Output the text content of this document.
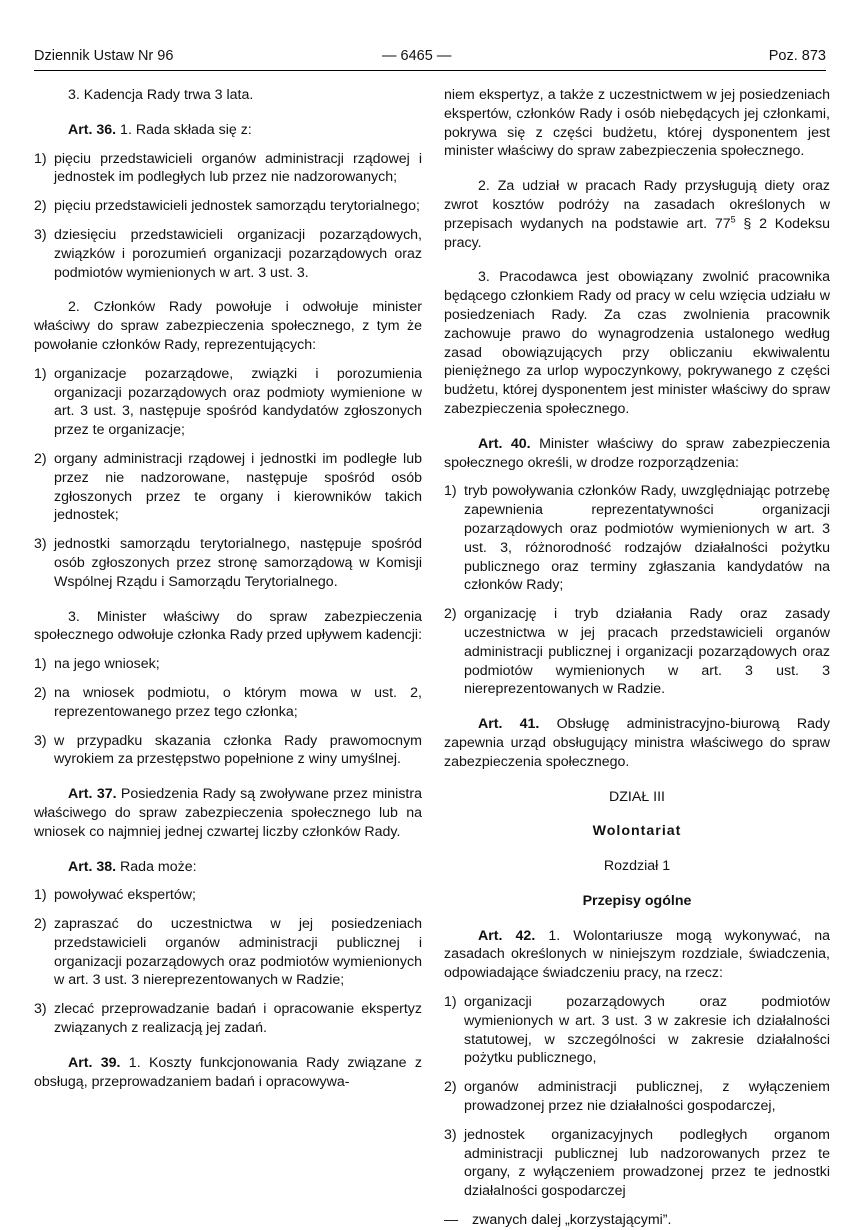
Dziennik Ustaw Nr 96	— 6465 —	Poz. 873

3. Kadencja Rady trwa 3 lata.

Art. 36. 1. Rada składa się z:

1) pięciu przedstawicieli organów administracji rządowej i jednostek im podległych lub przez nie nadzorowanych;
2) pięciu przedstawicieli jednostek samorządu terytorialnego;
3) dziesięciu przedstawicieli organizacji pozarządowych, związków i porozumień organizacji pozarządowych oraz podmiotów wymienionych w art. 3 ust. 3.

2. Członków Rady powołuje i odwołuje minister właściwy do spraw zabezpieczenia społecznego, z tym że powołanie członków Rady, reprezentujących:

1) organizacje pozarządowe, związki i porozumienia organizacji pozarządowych oraz podmioty wymienione w art. 3 ust. 3, następuje spośród kandydatów zgłoszonych przez te organizacje;
2) organy administracji rządowej i jednostki im podległe lub przez nie nadzorowane, następuje spośród osób zgłoszonych przez te organy i kierowników takich jednostek;
3) jednostki samorządu terytorialnego, następuje spośród osób zgłoszonych przez stronę samorządową w Komisji Wspólnej Rządu i Samorządu Terytorialnego.

3. Minister właściwy do spraw zabezpieczenia społecznego odwołuje członka Rady przed upływem kadencji:

1) na jego wniosek;
2) na wniosek podmiotu, o którym mowa w ust. 2, reprezentowanego przez tego członka;
3) w przypadku skazania członka Rady prawomocnym wyrokiem za przestępstwo popełnione z winy umyślnej.

Art. 37. Posiedzenia Rady są zwoływane przez ministra właściwego do spraw zabezpieczenia społecznego lub na wniosek co najmniej jednej czwartej liczby członków Rady.

Art. 38. Rada może:

1) powoływać ekspertów;
2) zapraszać do uczestnictwa w jej posiedzeniach przedstawicieli organów administracji publicznej i organizacji pozarządowych oraz podmiotów wymienionych w art. 3 ust. 3 niereprezentowanych w Radzie;
3) zlecać przeprowadzanie badań i opracowanie ekspertyz związanych z realizacją jej zadań.

Art. 39. 1. Koszty funkcjonowania Rady związane z obsługą, przeprowadzaniem badań i opracowywa-

niem ekspertyz, a także z uczestnictwem w jej posiedzeniach ekspertów, członków Rady i osób niebędących jej członkami, pokrywa się z części budżetu, której dysponentem jest minister właściwy do spraw zabezpieczenia społecznego.

2. Za udział w pracach Rady przysługują diety oraz zwrot kosztów podróży na zasadach określonych w przepisach wydanych na podstawie art. $77^5$ § 2 Kodeksu pracy.

3. Pracodawca jest obowiązany zwolnić pracownika będącego członkiem Rady od pracy w celu wzięcia udziału w posiedzeniach Rady. Za czas zwolnienia pracownik zachowuje prawo do wynagrodzenia ustalonego według zasad obowiązujących przy obliczaniu ekwiwalentu pieniężnego za urlop wypoczynkowy, pokrywanego z części budżetu, której dysponentem jest minister właściwy do spraw zabezpieczenia społecznego.

Art. 40. Minister właściwy do spraw zabezpieczenia społecznego określi, w drodze rozporządzenia:

1) tryb powoływania członków Rady, uwzględniając potrzebę zapewnienia reprezentatywności organizacji pozarządowych oraz podmiotów wymienionych w art. 3 ust. 3, różnorodność rodzajów działalności pożytku publicznego oraz terminy zgłaszania kandydatów na członków Rady;
2) organizację i tryb działania Rady oraz zasady uczestnictwa w jej pracach przedstawicieli organów administracji publicznej i organizacji pozarządowych oraz podmiotów wymienionych w art. 3 ust. 3 niereprezentowanych w Radzie.

Art. 41. Obsługę administracyjno-biurową Rady zapewnia urząd obsługujący ministra właściwego do spraw zabezpieczenia społecznego.

DZIAŁ III

Wolontariat

Rozdział 1

Przepisy ogólne

Art. 42. 1. Wolontariusze mogą wykonywać, na zasadach określonych w niniejszym rozdziale, świadczenia, odpowiadające świadczeniu pracy, na rzecz:

1) organizacji pozarządowych oraz podmiotów wymienionych w art. 3 ust. 3 w zakresie ich działalności statutowej, w szczególności w zakresie działalności pożytku publicznego,
2) organów administracji publicznej, z wyłączeniem prowadzonej przez nie działalności gospodarczej,
3) jednostek organizacyjnych podległych organom administracji publicznej lub nadzorowanych przez te organy, z wyłączeniem prowadzonej przez te jednostki działalności gospodarczej
— zwanych dalej „korzystającymi”.
